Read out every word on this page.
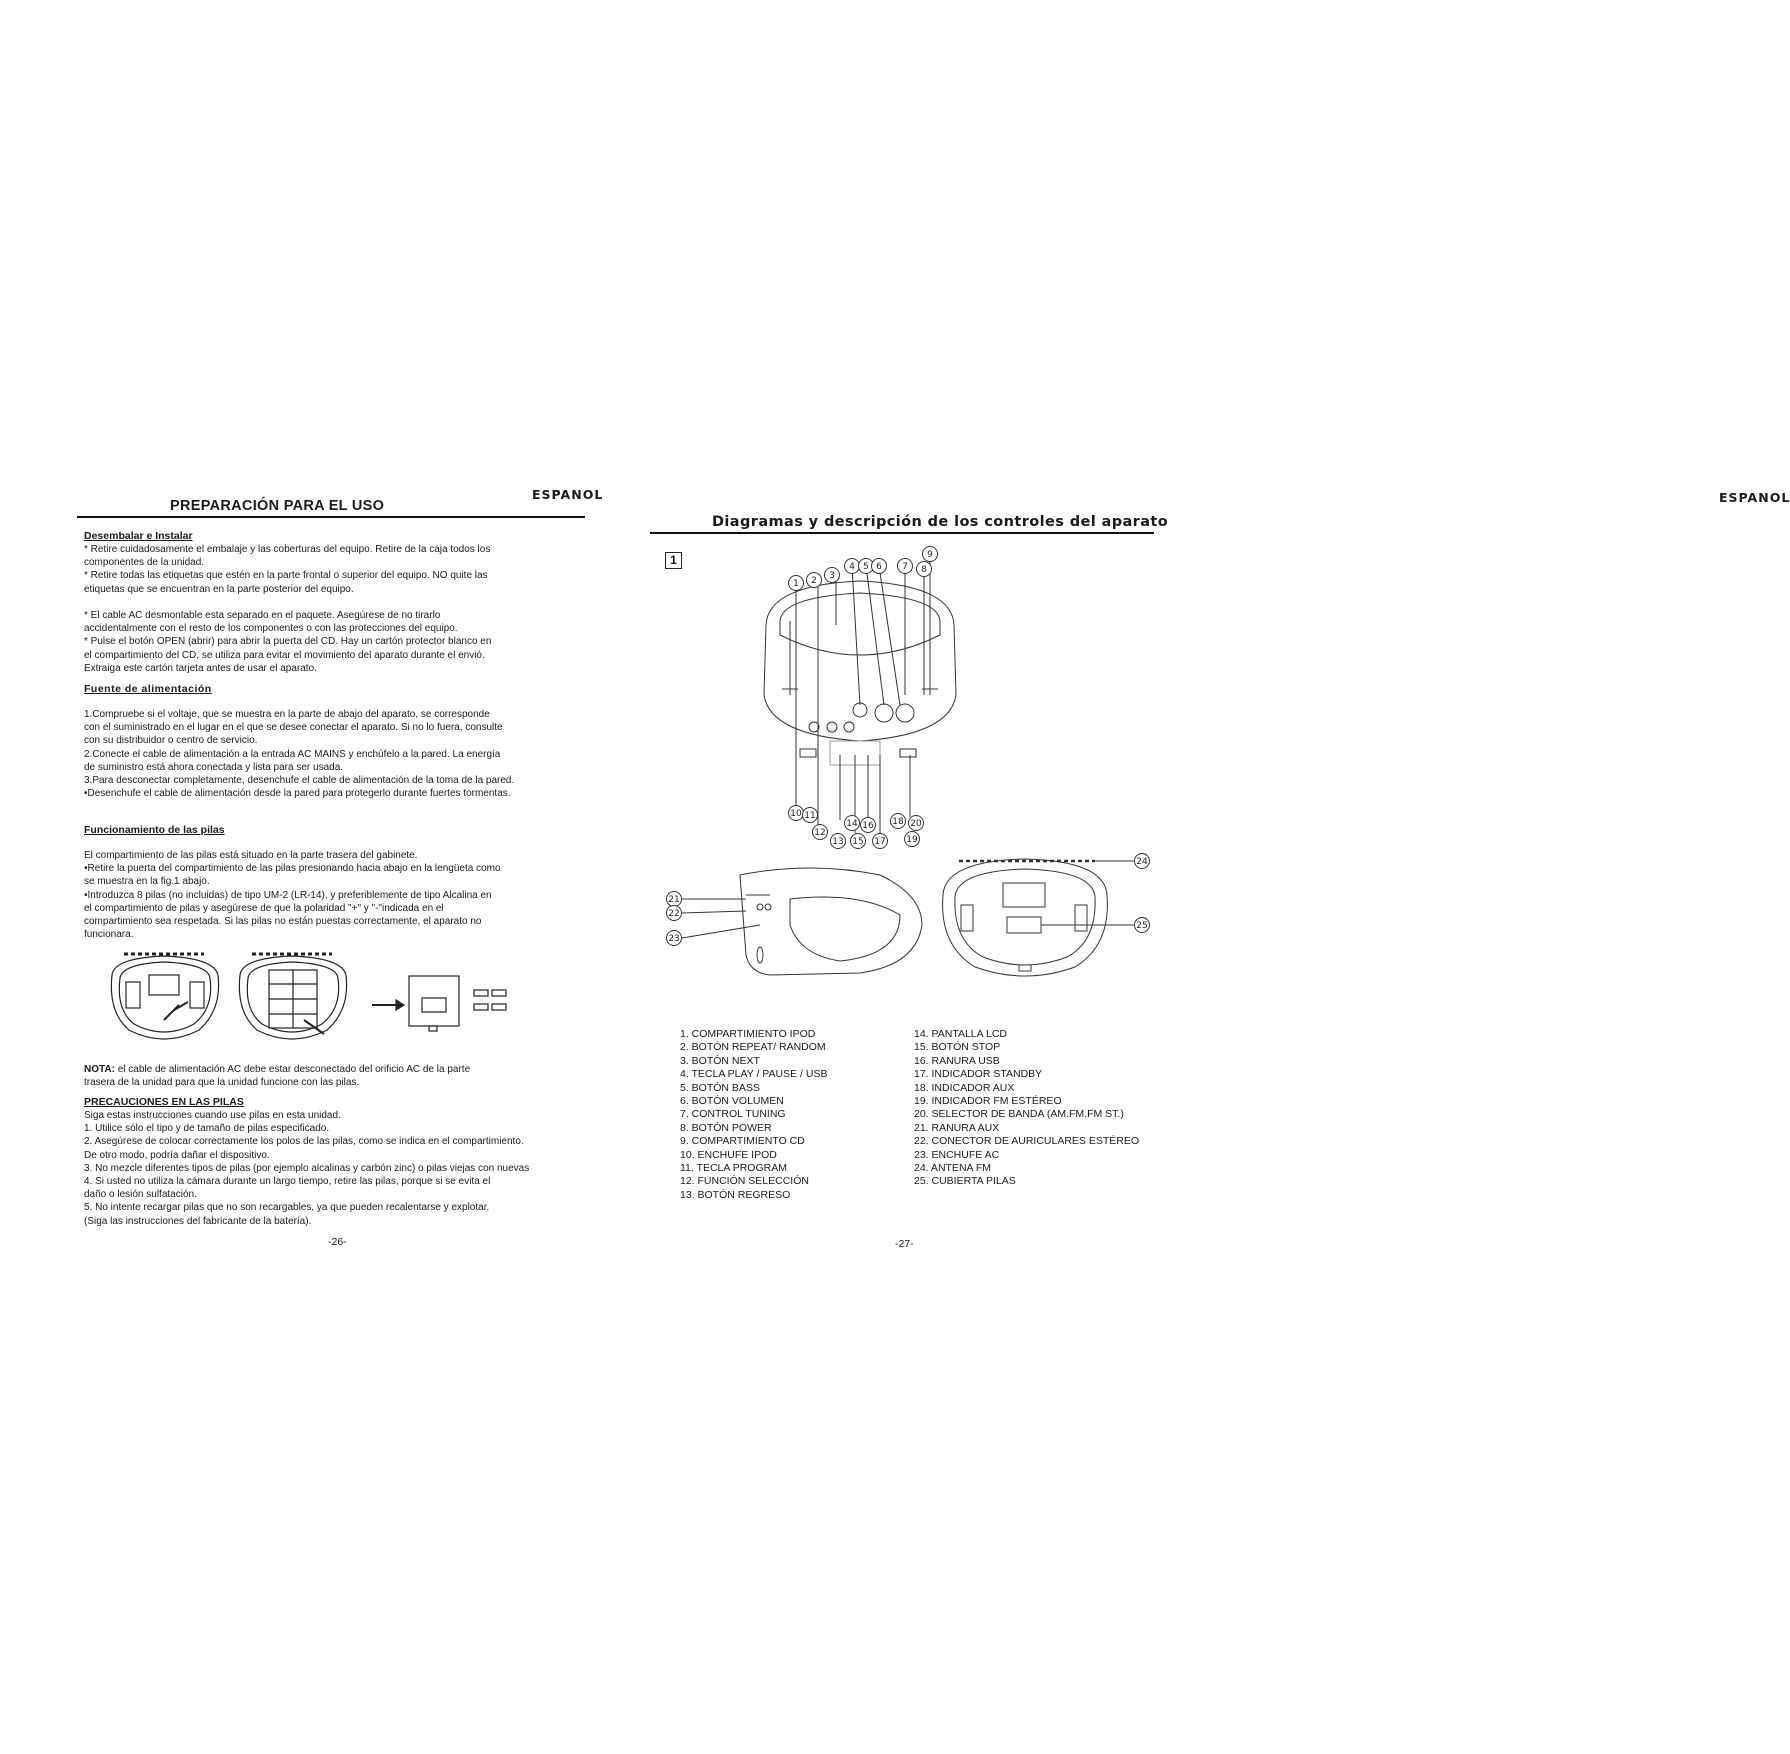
ESPANOL
PREPARACIÓN PARA EL USO
Desembalar e Instalar

* Retire cuidadosamente el embalaje y las coberturas del equipo. Retire de la caja todos los

componentes de la unidad.

* Retire todas las etiquetas que estén en la parte frontal o superior del equipo. NO quite las

etiquetas que se encuentran en la parte posterior del equipo.

* El cable AC desmontable esta separado en el paquete. Asegúrese de no tirarlo

accidentalmente con el resto de los componentes o con las protecciones del equipo.

* Pulse el botón OPEN (abrir) para abrir la puerta del CD. Hay un cartón protector blanco en

el compartimiento del CD, se utiliza para evitar el movimiento del aparato durante el envió.

Extraiga este cartón tarjeta antes de usar el aparato.

Fuente de alimentación

1.Compruebe si el voltaje, que se muestra en la parte de abajo del aparato, se corresponde

con el suministrado en el lugar en el que se desee conectar el aparato. Si no lo fuera, consulte

con su distribuidor o centro de servicio.

2.Conecte el cable de alimentación a la entrada AC MAINS y enchúfelo a la pared. La energía

de suministro está ahora conectada y lista para ser usada.

3.Para desconectar completamente, desenchufe el cable de alimentación de la toma de la pared.

•Desenchufe el cable de alimentación desde la pared para protegerlo durante fuertes tormentas.

Funcionamiento de las pilas

El compartimiento de las pilas está situado en la parte trasera del gabinete.

•Retire la puerta del compartimiento de las pilas presionando hacia abajo en la lengüeta como

se muestra en la fig.1 abajo.

•Introduzca 8 pilas (no incluidas) de tipo UM-2 (LR-14), y preferiblemente de tipo Alcalina en

el compartimiento de pilas y asegúrese de que la polaridad "+" y "-"indicada en el

compartimiento sea respetada. Si las pilas no están puestas correctamente, el aparato no

funcionara.

NOTA: el cable de alimentación AC debe estar desconectado del orificio AC de la parte
trasera de la unidad para que la unidad funcione con las pilas.
PRECAUCIONES EN LAS PILAS

Siga estas instrucciones cuando use pilas en esta unidad.

1. Utilice sólo el tipo y de tamaño de pilas especificado.

2. Asegúrese de colocar correctamente los polos de las pilas, como se indica en el compartimiento.

De otro modo, podría dañar el dispositivo.

3. No mezcle diferentes tipos de pilas (por ejemplo alcalinas y carbón zinc) o pilas viejas con nuevas

4. Si usted no utiliza la cámara durante un largo tiempo, retire las pilas, porque si se evita el

daño o lesión sulfatación.

5. No intente recargar pilas que no son recargables, ya que pueden recalentarse y explotar.

(Siga las instrucciones del fabricante de la batería).

-26-
ESPANOL
Diagramas y descripción de los controles del aparato
1
1 2 3
4 5 6 7 8
9
10 11
12
13
14
15
16
17
18
19
20
21
22
23
24
25
1. COMPARTIMIENTO IPOD
2. BOTÓN REPEAT/ RANDOM
3. BOTÓN NEXT
4. TECLA PLAY / PAUSE / USB
5. BOTÓN BASS
6. BOTÓN VOLUMEN
7. CONTROL TUNING
8. BOTÓN POWER
9. COMPARTIMIENTO CD
10. ENCHUFE IPOD
11. TECLA PROGRAM
12. FUNCIÓN SELECCIÓN
13. BOTÓN REGRESO
14. PANTALLA LCD
15. BOTÓN STOP
16. RANURA USB
17. INDICADOR STANDBY
18. INDICADOR AUX
19. INDICADOR FM ESTÉREO
20. SELECTOR DE BANDA (AM.FM.FM ST.)
21. RANURA AUX
22. CONECTOR DE AURICULARES ESTÉREO
23. ENCHUFE AC
24. ANTENA FM
25. CUBIERTA PILAS
-27-
